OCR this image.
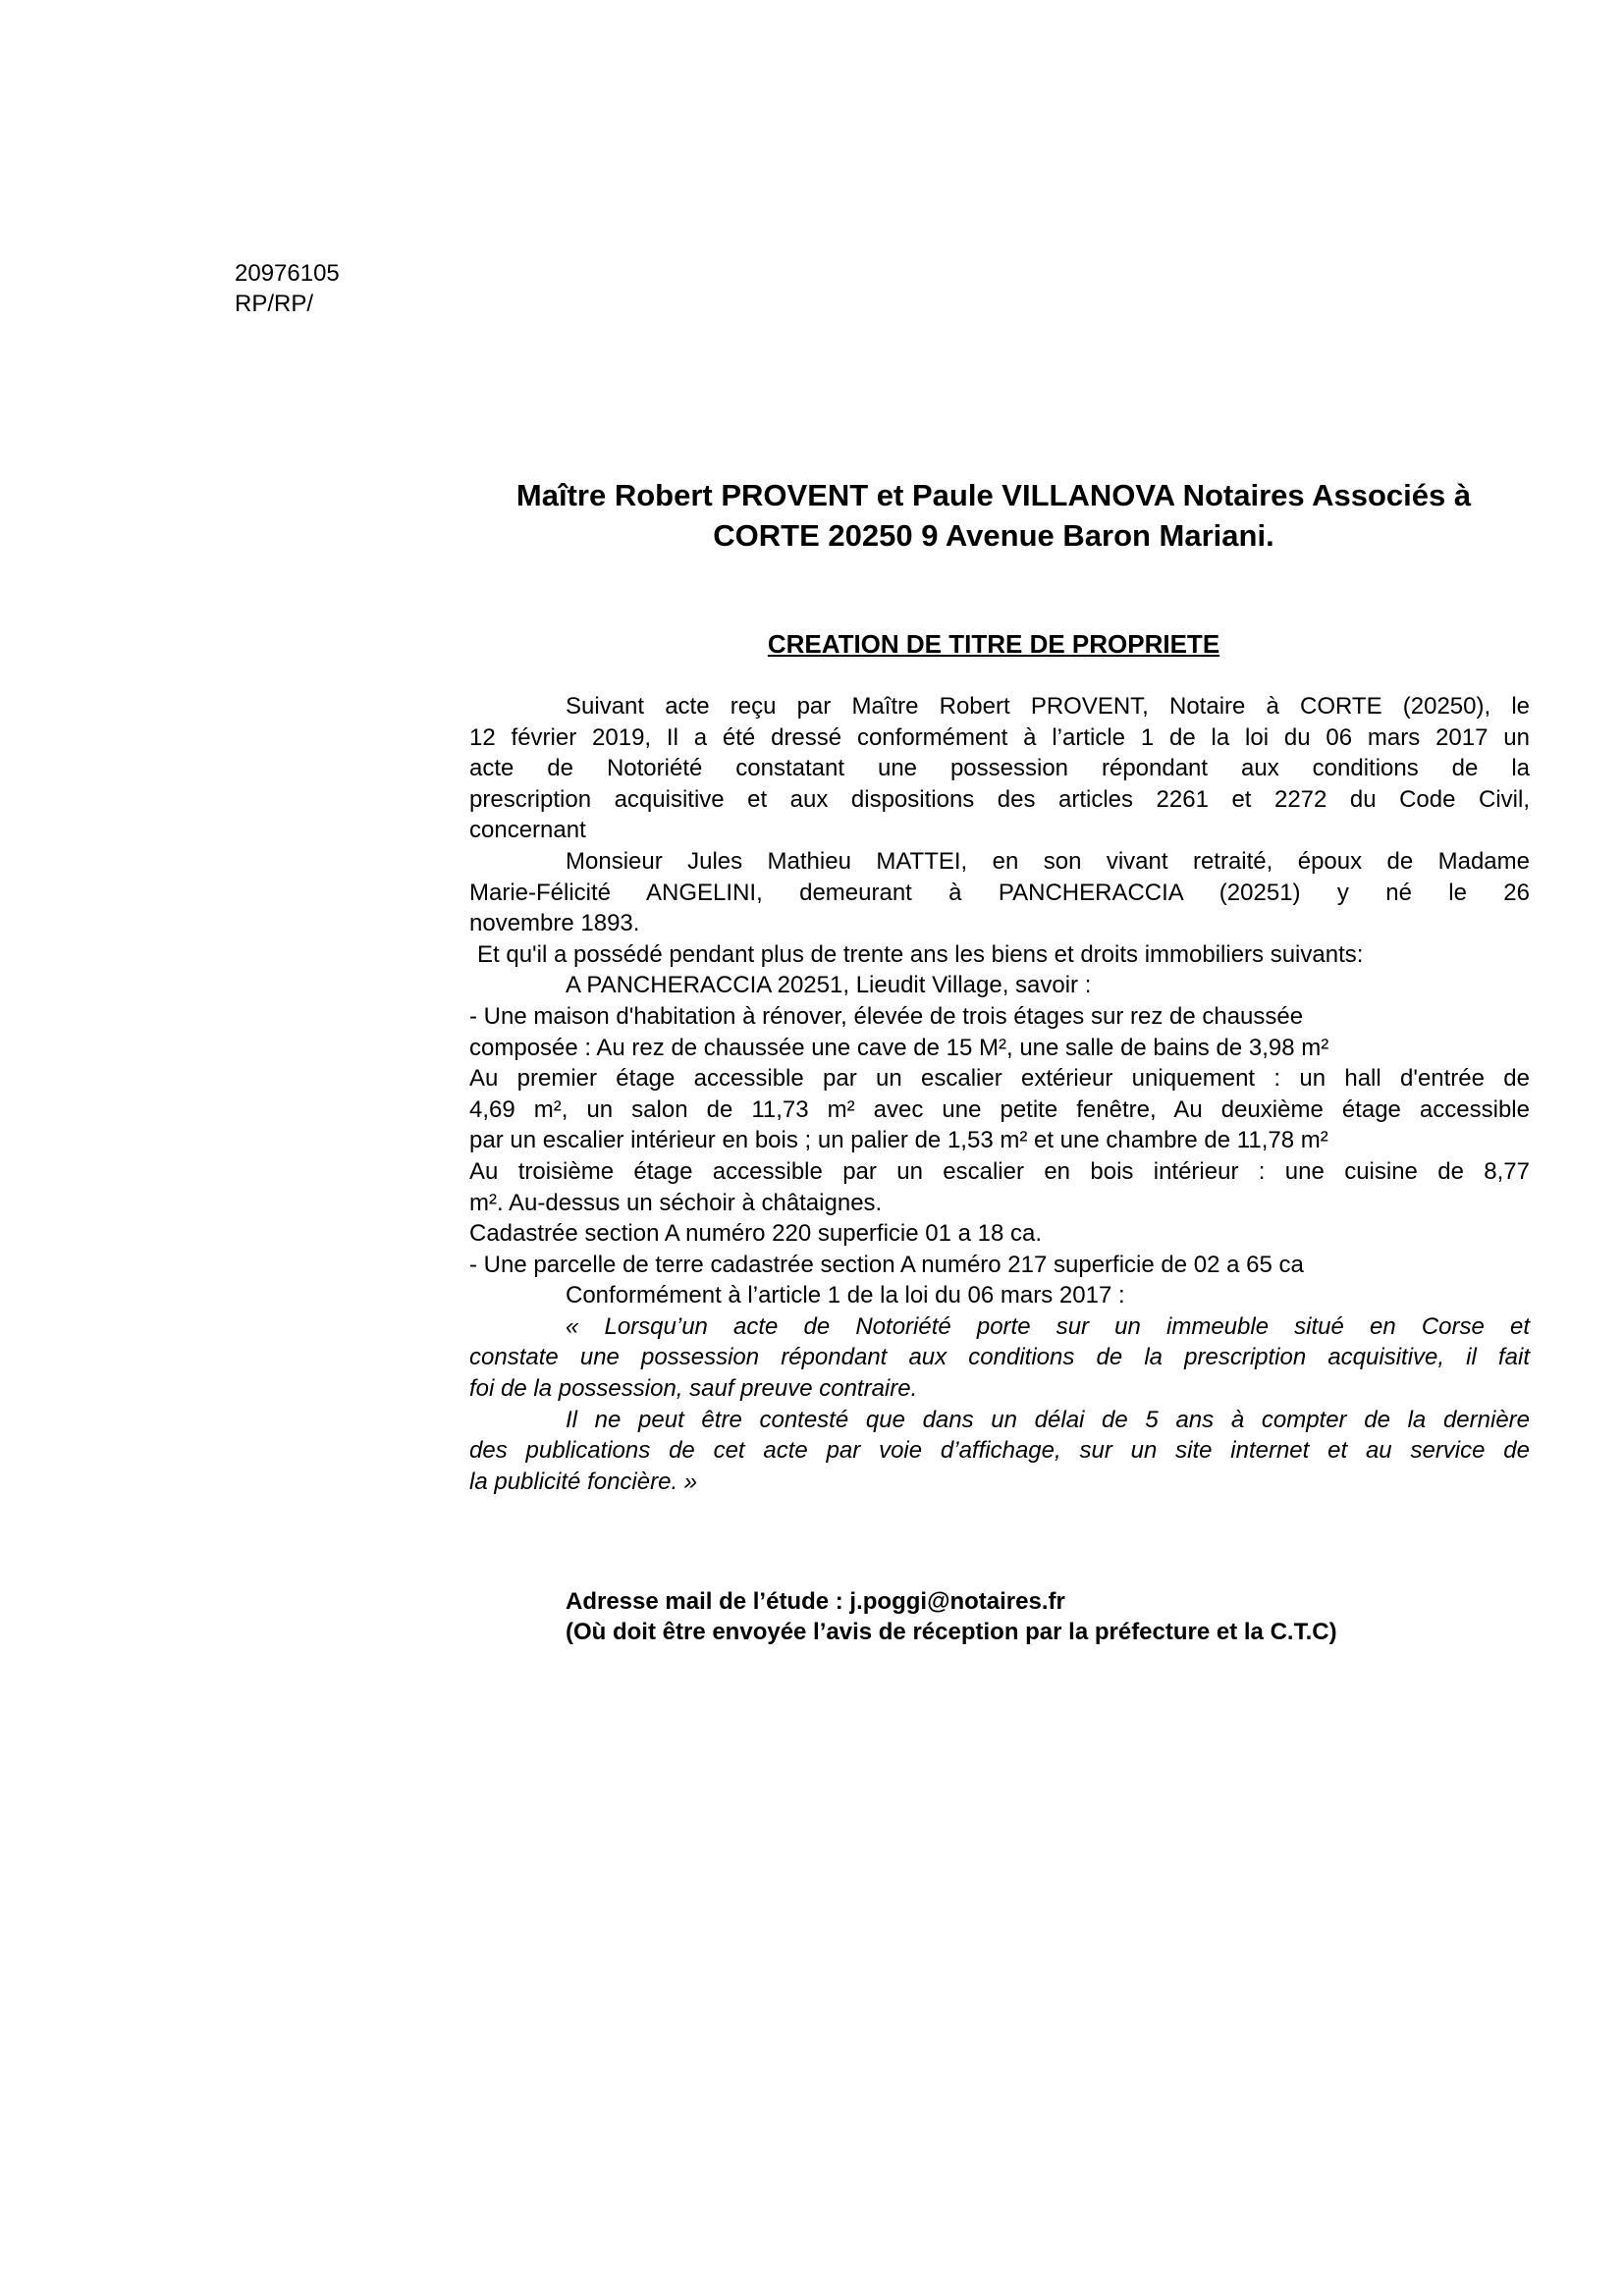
20976105
RP/RP/
Maître Robert PROVENT et Paule VILLANOVA Notaires Associés à
CORTE 20250 9 Avenue Baron Mariani.
CREATION DE TITRE DE PROPRIETE
Suivant acte reçu par Maître Robert PROVENT, Notaire à CORTE (20250), le
12 février 2019, Il a été dressé conformément à l’article 1 de la loi du 06 mars 2017 un
acte de Notoriété constatant une possession répondant aux conditions de la
prescription acquisitive et aux dispositions des articles 2261 et 2272 du Code Civil,
concernant
Monsieur Jules Mathieu MATTEI, en son vivant retraité, époux de Madame
Marie-Félicité ANGELINI, demeurant à PANCHERACCIA (20251) y né le 26
novembre 1893.
Et qu'il a possédé pendant plus de trente ans les biens et droits immobiliers suivants:
A PANCHERACCIA 20251, Lieudit Village, savoir :
- Une maison d'habitation à rénover, élevée de trois étages sur rez de chaussée
composée : Au rez de chaussée une cave de 15 M², une salle de bains de 3,98 m²
Au premier étage accessible par un escalier extérieur uniquement : un hall d'entrée de
4,69 m², un salon de 11,73 m² avec une petite fenêtre, Au deuxième étage accessible
par un escalier intérieur en bois ; un palier de 1,53 m² et une chambre de 11,78 m²
Au troisième étage accessible par un escalier en bois intérieur : une cuisine de 8,77
m². Au-dessus un séchoir à châtaignes.
Cadastrée section A numéro 220 superficie 01 a 18 ca.
- Une parcelle de terre cadastrée section A numéro 217 superficie de 02 a 65 ca
Conformément à l’article 1 de la loi du 06 mars 2017 :
« Lorsqu’un acte de Notoriété porte sur un immeuble situé en Corse et
constate une possession répondant aux conditions de la prescription acquisitive, il fait
foi de la possession, sauf preuve contraire.
Il ne peut être contesté que dans un délai de 5 ans à compter de la dernière
des publications de cet acte par voie d’affichage, sur un site internet et au service de
la publicité foncière. »
Adresse mail de l’étude : j.poggi@notaires.fr
(Où doit être envoyée l’avis de réception par la préfecture et la C.T.C)
